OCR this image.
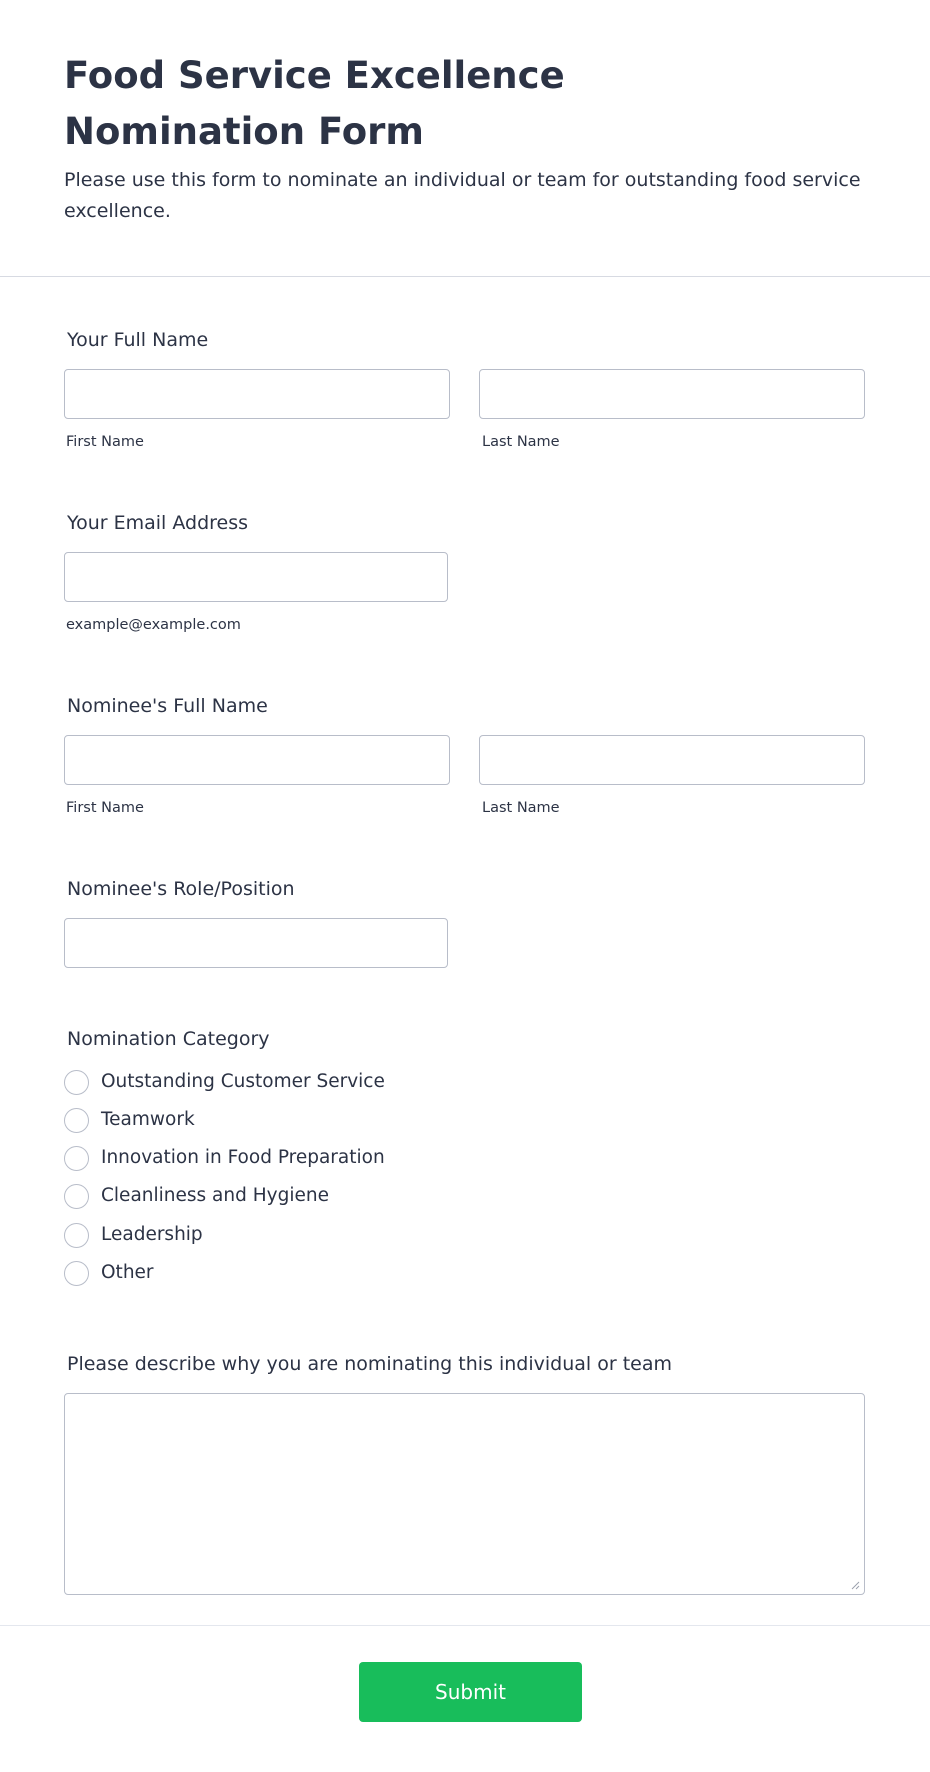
Food Service Excellence Nomination Form

Please use this form to nominate an individual or team for outstanding food service excellence.

Your Full Name
First Name	Last Name
Your Email Address
example@example.com
Nominee's Full Name
First Name	Last Name
Nominee's Role/Position
Nomination Category
Outstanding Customer Service
Teamwork
Innovation in Food Preparation
Cleanliness and Hygiene
Leadership
Other
Please describe why you are nominating this individual or team
Submit
